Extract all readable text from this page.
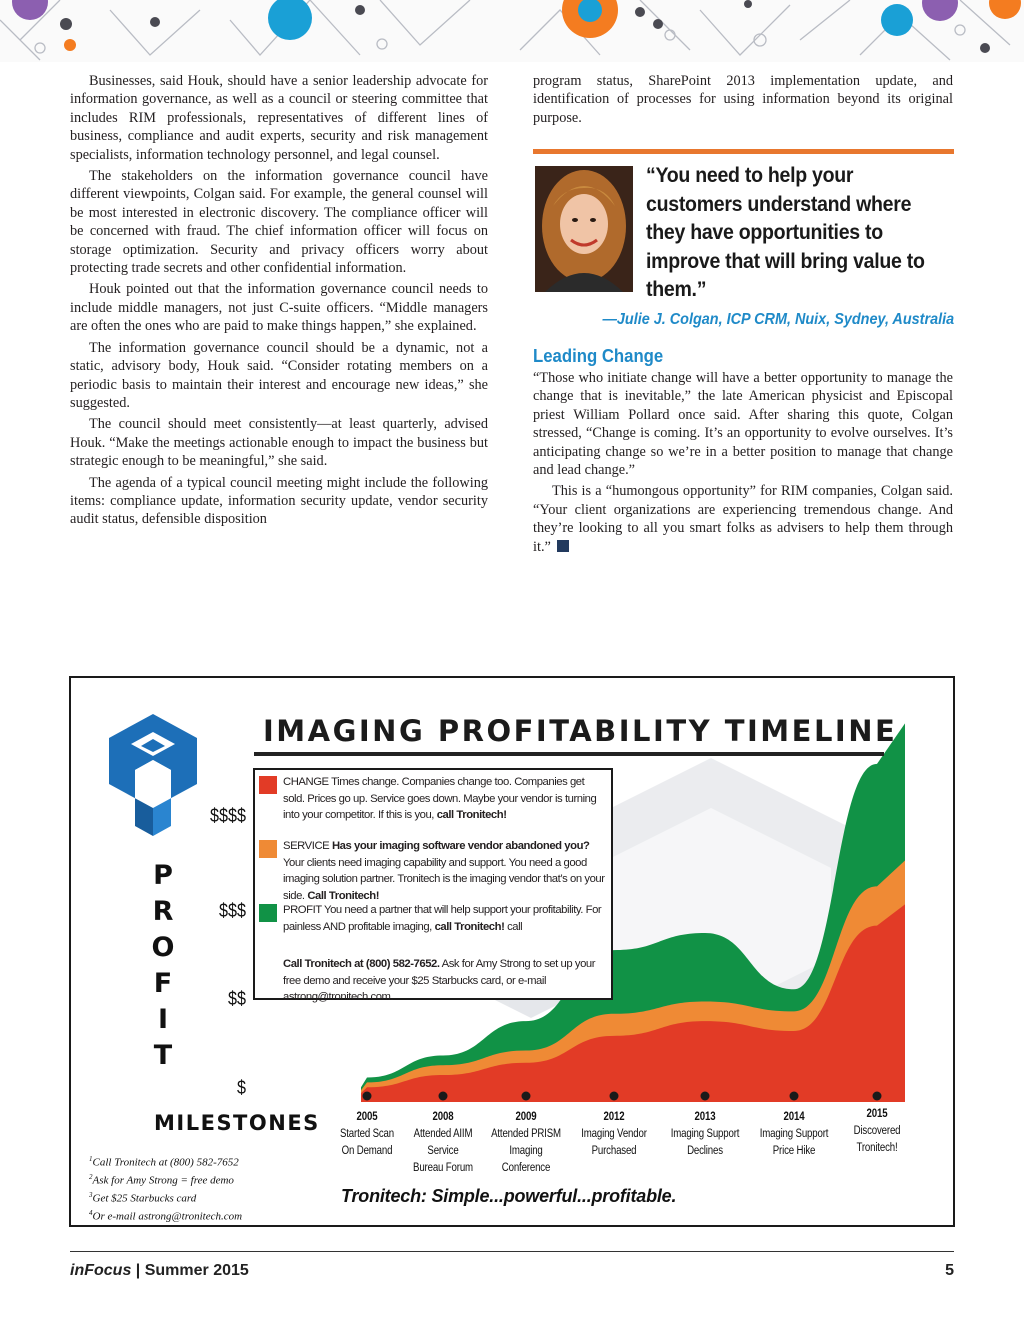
Businesses, said Houk, should have a senior leadership advocate for information governance, as well as a council or steering committee that includes RIM professionals, representatives of different lines of business, compliance and audit experts, security and risk management specialists, information technology personnel, and legal counsel.

The stakeholders on the information governance council have different viewpoints, Colgan said. For example, the general counsel will be most interested in electronic discovery. The compliance officer will be concerned with fraud. The chief information officer will focus on storage optimization. Security and privacy officers worry about protecting trade secrets and other confidential information.

Houk pointed out that the information governance council needs to include middle managers, not just C-suite officers. “Middle managers are often the ones who are paid to make things happen,” she explained.

The information governance council should be a dynamic, not a static, advisory body, Houk said. “Consider rotating members on a periodic basis to maintain their interest and encourage new ideas,” she suggested.

The council should meet consistently—at least quarterly, advised Houk. “Make the meetings actionable enough to impact the business but strategic enough to be meaningful,” she said.

The agenda of a typical council meeting might include the following items: compliance update, information security update, vendor security audit status, defensible disposition

program status, SharePoint 2013 implementation update, and identification of processes for using information beyond its original purpose.

“You need to help your customers understand where they have opportunities to improve that will bring value to them.”
—Julie J. Colgan, ICP CRM, Nuix, Sydney, Australia
Leading Change

“Those who initiate change will have a better opportunity to manage the change that is inevitable,” the late American physicist and Episcopal priest William Pollard once said. After sharing this quote, Colgan stressed, “Change is coming. It’s an opportunity to evolve ourselves. It’s anticipating change so we’re in a better position to manage that change and lead change.”

This is a “humongous opportunity” for RIM companies, Colgan said. “Your client organizations are experiencing tremendous change. And they’re looking to all you smart folks as advisers to help them through it.”

IMAGING PROFITABILITY TIMELINE
CHANGE Times change. Companies change too. Companies get sold. Prices go up. Service goes down. Maybe your vendor is turning into your competitor. If this is you, call Tronitech!
SERVICE Has your imaging software vendor abandoned you? Your clients need imaging capability and support. You need a good imaging solution partner. Tronitech is the imaging vendor that’s on your side. Call Tronitech!
PROFIT You need a partner that will help support your profitability. For painless AND profitable imaging, call Tronitech! call
Call Tronitech at (800) 582-7652. Ask for Amy Strong to set up your free demo and receive your $25 Starbucks card, or e-mail astrong@tronitech.com.
$$$$
$$$
$$
$
P
R
O
F
I
T
MILESTONES	2005
Started Scan On Demand
2008
Attended AIIM Service Bureau Forum
2009
Attended PRISM Imaging Conference
2012
Imaging Vendor Purchased
2013
Imaging Support Declines
2014
Imaging Support Price Hike
2015
Discovered Tronitech!
$^1$Call Tronitech at (800) 582-7652
$^2$Ask for Amy Strong = free demo
$^3$Get $25 Starbucks card
$^4$Or e-mail astrong@tronitech.com
Tronitech: Simple...powerful...profitable.
inFocus | Summer 2015	5
